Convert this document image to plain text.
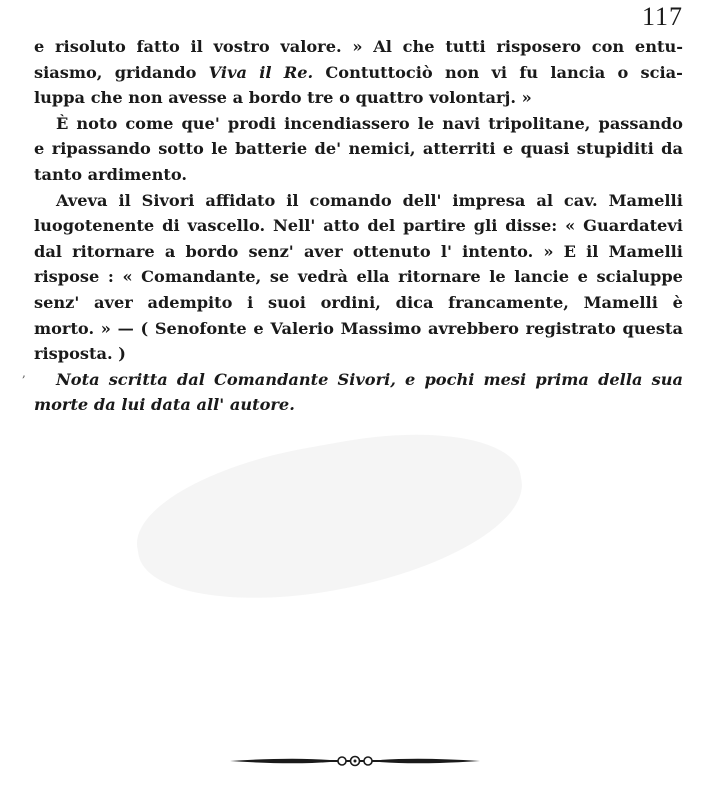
117
,
e risoluto fatto il vostro valore. » Al che tutti risposero con entu-
siasmo, gridando Viva il Re. Contuttociò non vi fu lancia o scia-
luppa
che
non
avesse
a
bordo
tre
o
quattro
volontarj.
»

È noto come que' prodi incendiassero le navi tripolitane, passando
e ripassando sotto le batterie de' nemici, atterriti e quasi stupiditi da
tanto
ardimento.

Aveva il Sivori affidato il comando dell' impresa al cav. Mamelli
luogotenente di vascello. Nell' atto del partire gli disse: « Guardatevi
dal ritornare a bordo senz' aver ottenuto l' intento. » E il Mamelli
rispose : « Comandante, se vedrà ella ritornare le lancie e scialuppe
senz' aver adempito i suoi ordini, dica francamente, Mamelli è
morto. » — ( Senofonte e Valerio Massimo avrebbero registrato questa
risposta.
)

Nota scritta dal Comandante Sivori, e pochi mesi prima della sua
morte
da
lui
data
all'
autore.
